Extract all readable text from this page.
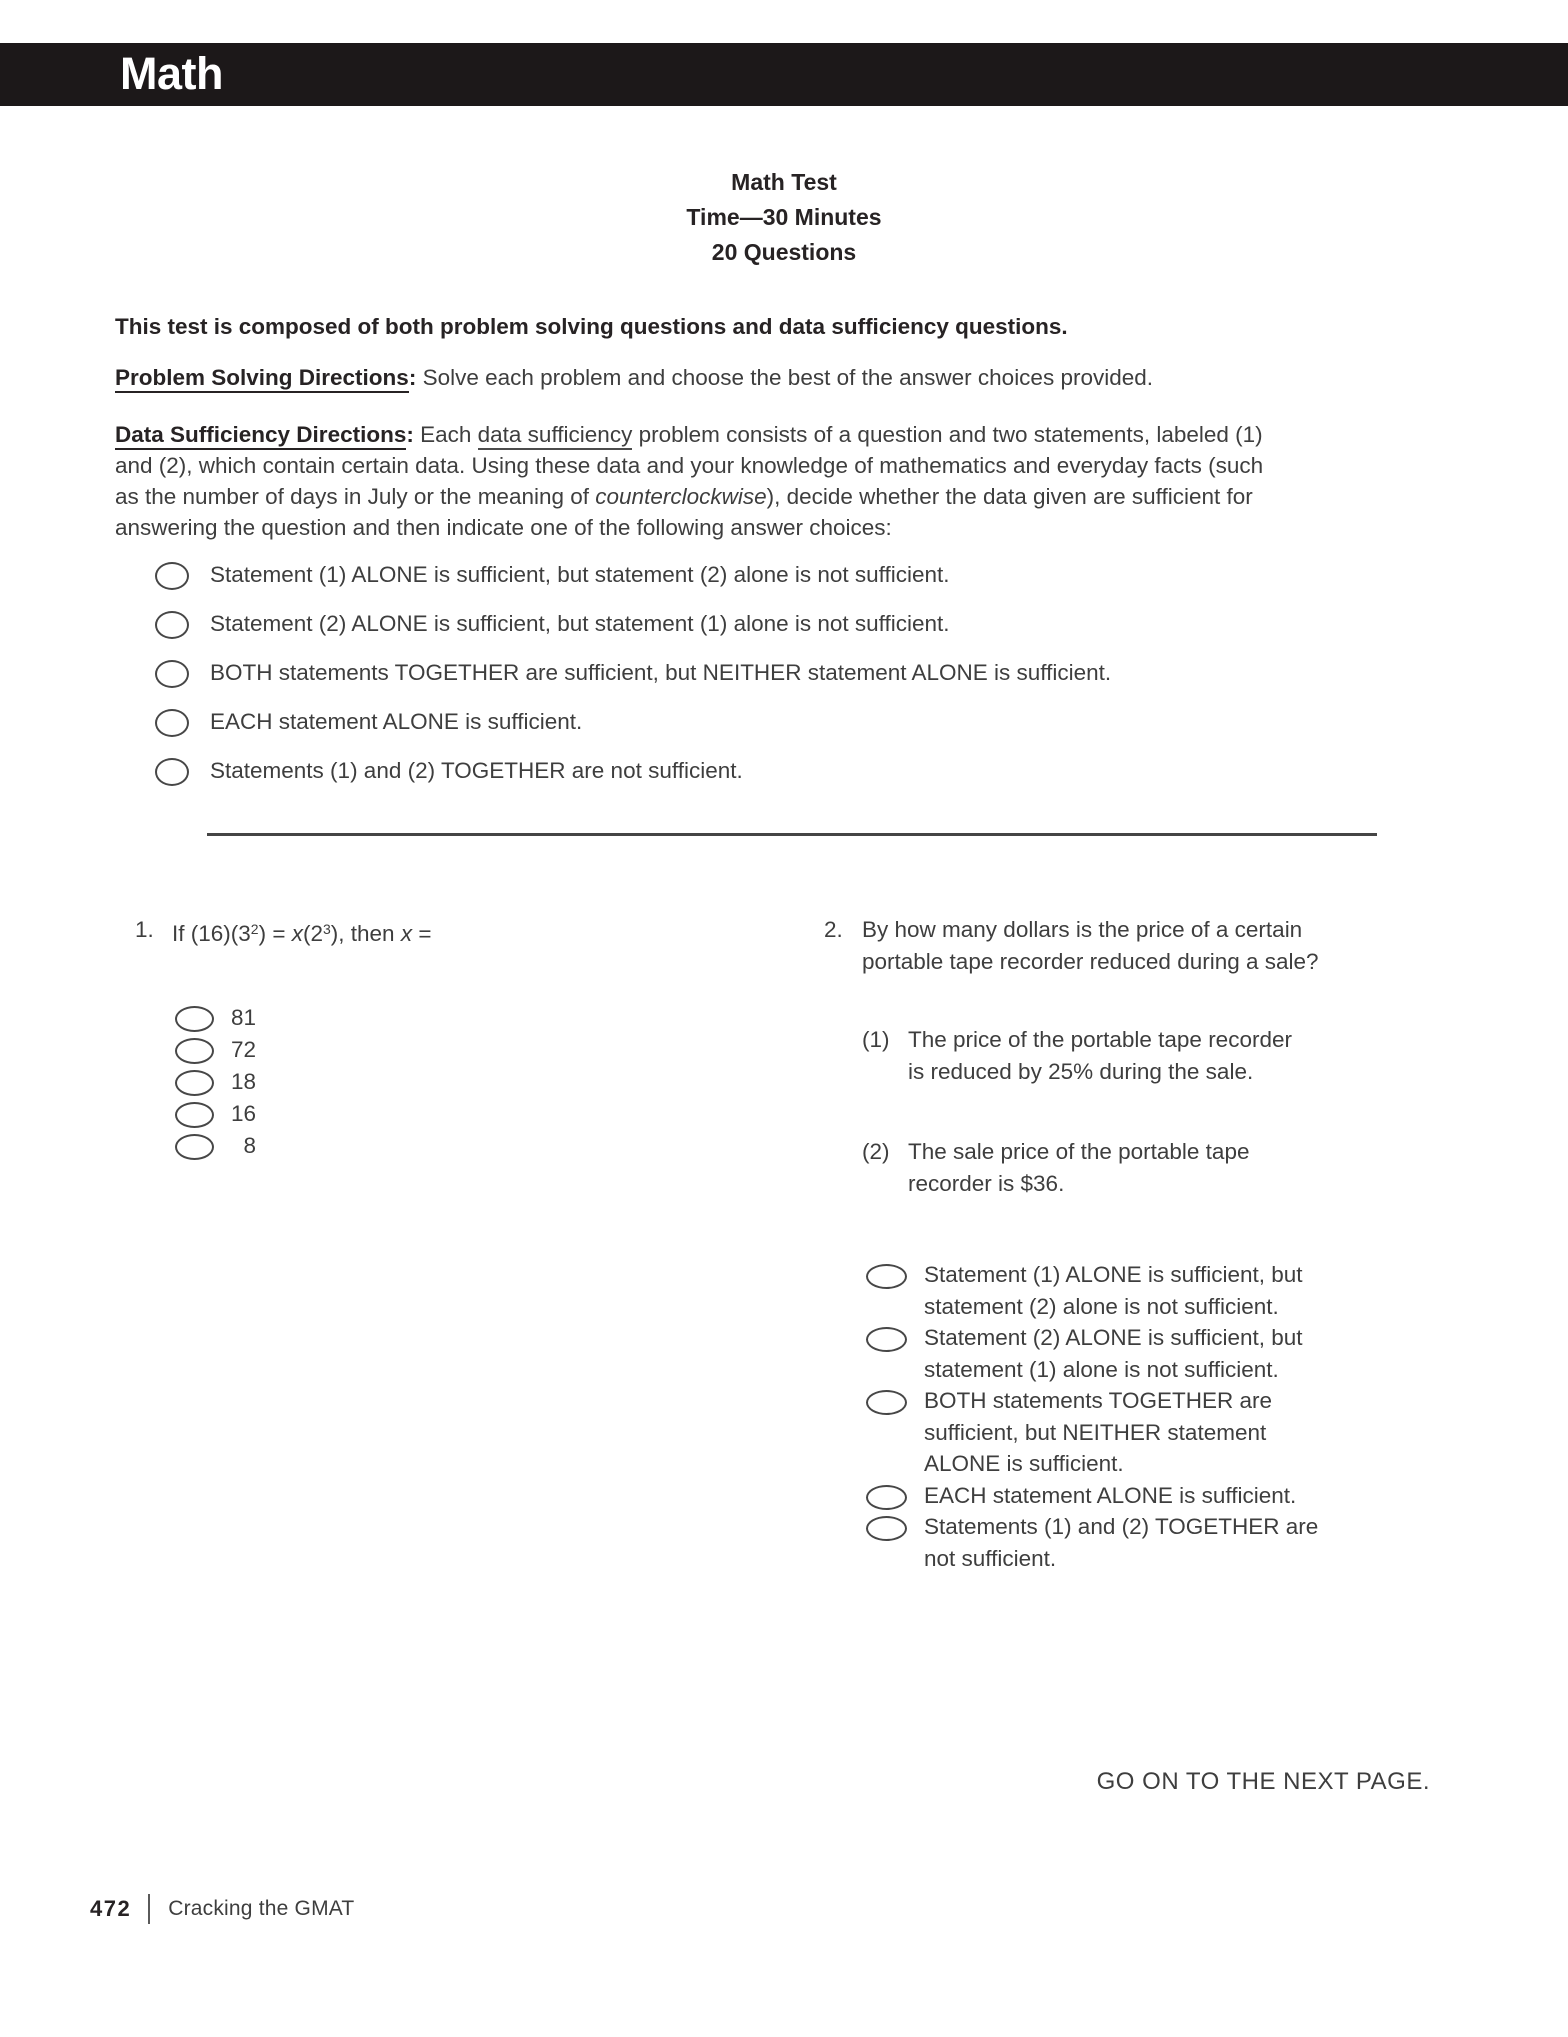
Math
Math Test
Time—30 Minutes
20 Questions

This test is composed of both problem solving questions and data sufficiency questions.

Problem Solving Directions: Solve each problem and choose the best of the answer choices provided.

Data Sufficiency Directions: Each data sufficiency problem consists of a question and two statements, labeled (1)
and (2), which contain certain data. Using these data and your knowledge of mathematics and everyday facts (such
as the number of days in July or the meaning of counterclockwise), decide whether the data given are sufficient for
answering the question and then indicate one of the following answer choices:
Statement (1) ALONE is sufficient, but statement (2) alone is not sufficient.
Statement (2) ALONE is sufficient, but statement (1) alone is not sufficient.
BOTH statements TOGETHER are sufficient, but NEITHER statement ALONE is sufficient.
EACH statement ALONE is sufficient.
Statements (1) and (2) TOGETHER are not sufficient.
1. If $(16)(3^2) = x(2^3)$, then x =
81
72
18
16
8
2. By how many dollars is the price of a certain
portable tape recorder reduced during a sale?
(1) The price of the portable tape recorder
is reduced by 25% during the sale.
(2) The sale price of the portable tape
recorder is $36.
Statement (1) ALONE is sufficient, but
statement (2) alone is not sufficient.
Statement (2) ALONE is sufficient, but
statement (1) alone is not sufficient.
BOTH statements TOGETHER are
sufficient, but NEITHER statement
ALONE is sufficient.
EACH statement ALONE is sufficient.
Statements (1) and (2) TOGETHER are
not sufficient.
GO ON TO THE NEXT PAGE.
472 Cracking the GMAT
